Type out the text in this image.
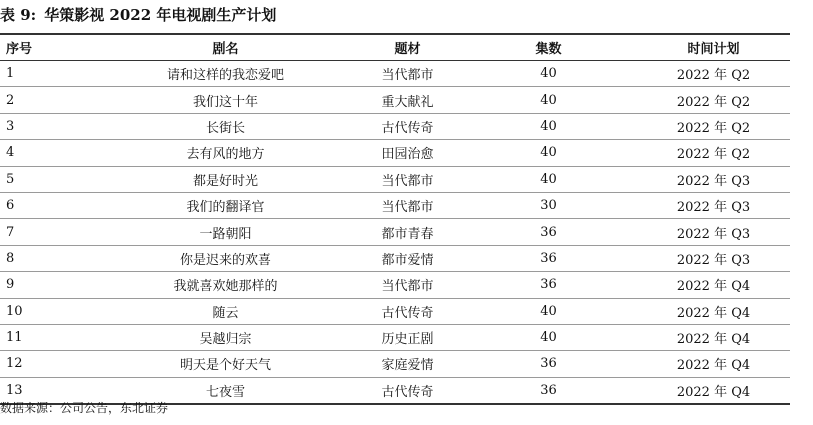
表 9: 华策影视 2022 年电视剧生产计划
序号	剧名	题材	集数	时间计划
1	请和这样的我恋爱吧	当代都市	40	2022 年 Q2
2	我们这十年	重大献礼	40	2022 年 Q2
3	长街长	古代传奇	40	2022 年 Q2
4	去有风的地方	田园治愈	40	2022 年 Q2
5	都是好时光	当代都市	40	2022 年 Q3
6	我们的翻译官	当代都市	30	2022 年 Q3
7	一路朝阳	都市青春	36	2022 年 Q3
8	你是迟来的欢喜	都市爱情	36	2022 年 Q3
9	我就喜欢她那样的	当代都市	36	2022 年 Q4
10	随云	古代传奇	40	2022 年 Q4
11	吴越归宗	历史正剧	40	2022 年 Q4
12	明天是个好天气	家庭爱情	36	2022 年 Q4
13	七夜雪	古代传奇	36	2022 年 Q4
数据来源：公司公告，东北证券
